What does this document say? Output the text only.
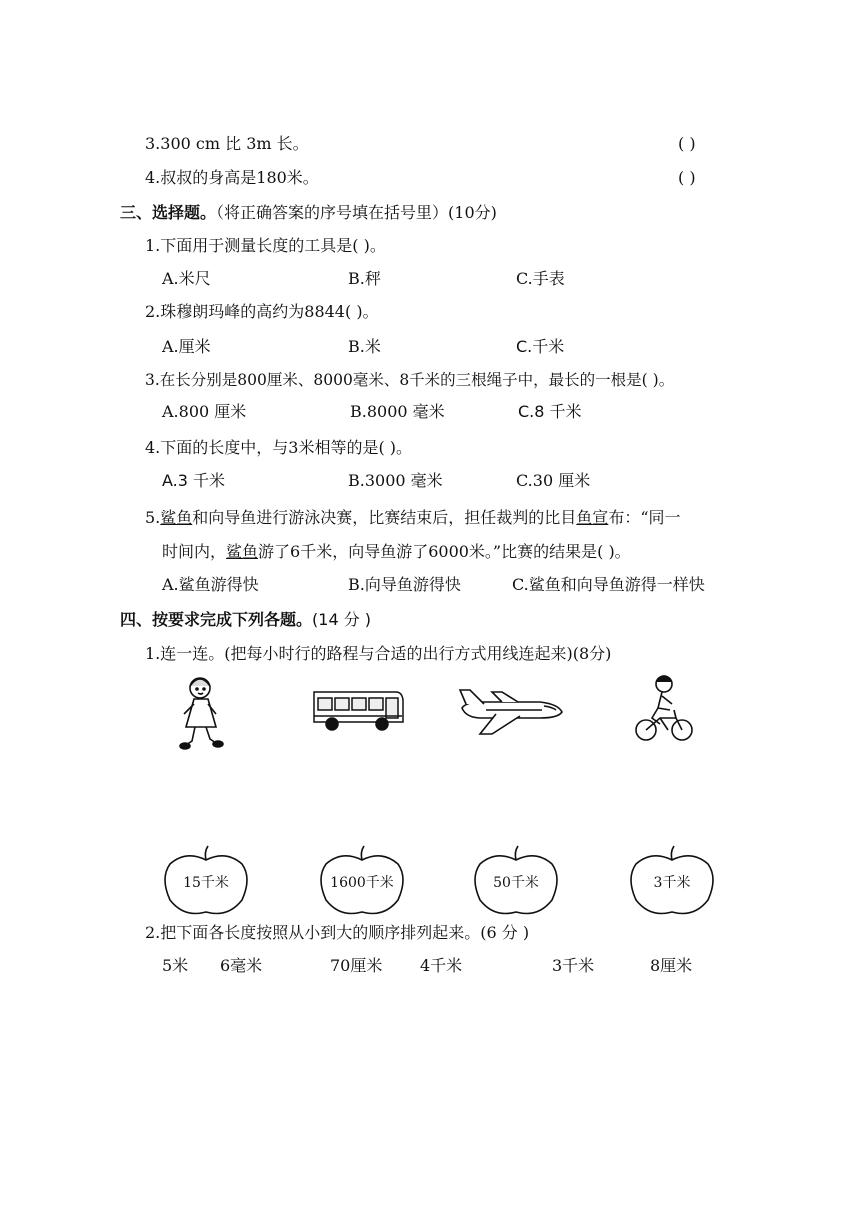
3.300 cm 比 3m 长。	( )
4.叔叔的身高是180米。	( )
三、选择题。（将正确答案的序号填在括号里）(10分)
1.下面用于测量长度的工具是( )。
A.米尺	B.秤	C.手表
2.珠穆朗玛峰的高约为8844( )。
A.厘米	B.米	C.千米
3.在长分别是800厘米、8000毫米、8千米的三根绳子中，最长的一根是( )。
A.800 厘米	B.8000 毫米	C.8 千米
4.下面的长度中，与3米相等的是( )。
A.3 千米	B.3000 毫米	C.30 厘米
5.鲨鱼和向导鱼进行游泳决赛，比赛结束后，担任裁判的比目鱼宣布：“同一
时间内，鲨鱼游了6千米，向导鱼游了6000米。”比赛的结果是( )。
A.鲨鱼游得快	B.向导鱼游得快	C.鲨鱼和向导鱼游得一样快
四、按要求完成下列各题。(14 分 )
1.连一连。(把每小时行的路程与合适的出行方式用线连起来)(8分)
15千米	1600千米	50千米	3千米
2.把下面各长度按照从小到大的顺序排列起来。(6 分 )
5米 6毫米	70厘米 4千米	3千米	8厘米
